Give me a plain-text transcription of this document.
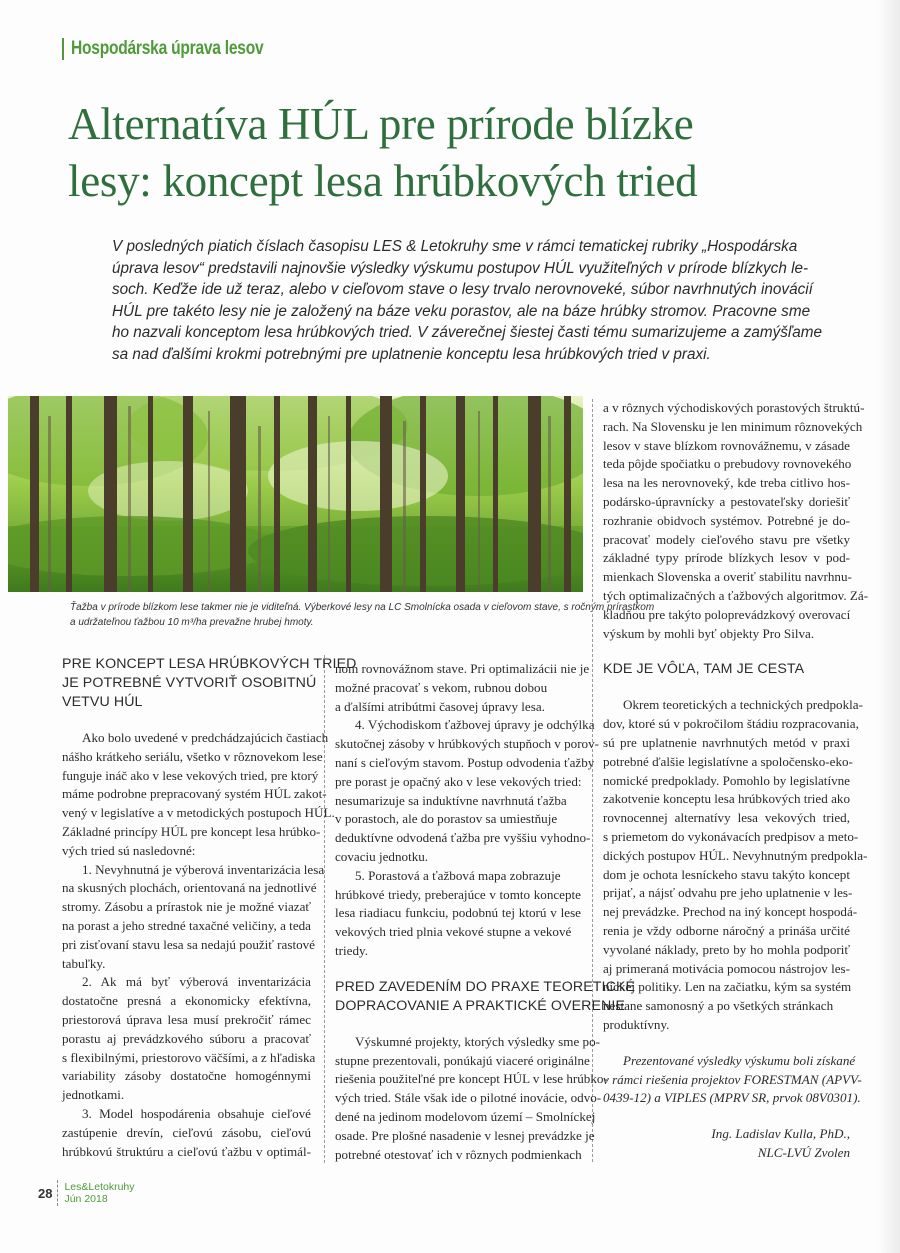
Hospodárska úprava lesov
Alternatíva HÚL pre prírode blízke
lesy: koncept lesa hrúbkových tried

V posledných piatich číslach časopisu LES & Letokruhy sme v rámci tematickej rubriky „Hospodárska
úprava lesov“ predstavili najnovšie výsledky výskumu postupov HÚL využiteľných v prírode blízkych le-
soch. Keďže ide už teraz, alebo v cieľovom stave o lesy trvalo nerovnoveké, súbor navrhnutých inovácií
HÚL pre takéto lesy nie je založený na báze veku porastov, ale na báze hrúbky stromov. Pracovne sme
ho nazvali konceptom lesa hrúbkových tried. V záverečnej šiestej časti tému sumarizujeme a zamýšľame
sa nad ďalšími krokmi potrebnými pre uplatnenie konceptu lesa hrúbkových tried v praxi.

Ťažba v prírode blízkom lese takmer nie je viditeľná. Výberkové lesy na LC Smolnícka osada v cieľovom stave, s ročným prírastkom
a udržateľnou ťažbou 10 m³/ha prevažne hrubej hmoty.

PRE KONCEPT LESA HRÚBKOVÝCH TRIED
JE POTREBNÉ VYTVORIŤ OSOBITNÚ
VETVU HÚL
Ako bolo uvedené v predchádzajúcich častiach
nášho krátkeho seriálu, všetko v rôznovekom lese
funguje ináč ako v lese vekových tried, pre ktorý
máme podrobne prepracovaný systém HÚL zakot-
vený v legislatíve a v metodických postupoch HÚL.
Základné princípy HÚL pre koncept lesa hrúbko-
vých tried sú nasledovné:
1. Nevyhnutná je výberová inventarizácia lesa
na skusných plochách, orientovaná na jednotlivé
stromy. Zásobu a prírastok nie je možné viazať
na porast a jeho stredné taxačné veličiny, a teda
pri zisťovaní stavu lesa sa nedajú použiť rastové
tabuľky.
2. Ak má byť výberová inventarizácia
dostatočne presná a ekonomicky efektívna,
priestorová úprava lesa musí prekročiť rámec
porastu aj prevádzkového súboru a pracovať
s flexibilnými, priestorovo väčšími, a z hľadiska
variability zásoby dostatočne homogénnymi
jednotkami.
3. Model hospodárenia obsahuje cieľové
zastúpenie drevín, cieľovú zásobu, cieľovú
hrúbkovú štruktúru a cieľovú ťažbu v optimál-
nom rovnovážnom stave. Pri optimalizácii nie je
možné pracovať s vekom, rubnou dobou
a ďalšími atribútmi časovej úpravy lesa.
4. Východiskom ťažbovej úpravy je odchýlka
skutočnej zásoby v hrúbkových stupňoch v porov-
naní s cieľovým stavom. Postup odvodenia ťažby
pre porast je opačný ako v lese vekových tried:
nesumarizuje sa induktívne navrhnutá ťažba
v porastoch, ale do porastov sa umiestňuje
deduktívne odvodená ťažba pre vyššiu vyhodno-
covaciu jednotku.
5. Porastová a ťažbová mapa zobrazuje
hrúbkové triedy, preberajúce v tomto koncepte
lesa riadiacu funkciu, podobnú tej ktorú v lese
vekových tried plnia vekové stupne a vekové
triedy.
PRED ZAVEDENÍM DO PRAXE TEORETICKÉ
DOPRACOVANIE A PRAKTICKÉ OVERENIE
Výskumné projekty, ktorých výsledky sme po-
stupne prezentovali, ponúkajú viaceré originálne
riešenia použiteľné pre koncept HÚL v lese hrúbko-
vých tried. Stále však ide o pilotné inovácie, odvo-
dené na jedinom modelovom území – Smolníckej
osade. Pre plošné nasadenie v lesnej prevádzke je
potrebné otestovať ich v rôznych podmienkach
a v rôznych východiskových porastových štruktú-
rach. Na Slovensku je len minimum rôznovekých
lesov v stave blízkom rovnovážnemu, v zásade
teda pôjde spočiatku o prebudovy rovnovekého
lesa na les nerovnoveký, kde treba citlivo hos-
podársko-úpravnícky a pestovateľsky doriešiť
rozhranie obidvoch systémov. Potrebné je do-
pracovať modely cieľového stavu pre všetky
základné typy prírode blízkych lesov v pod-
mienkach Slovenska a overiť stabilitu navrhnu-
tých optimalizačných a ťažbových algoritmov. Zá-
kladňou pre takýto poloprevádzkový overovací
výskum by mohli byť objekty Pro Silva.
KDE JE VÔĽA, TAM JE CESTA
Okrem teoretických a technických predpokla-
dov, ktoré sú v pokročilom štádiu rozpracovania,
sú pre uplatnenie navrhnutých metód v praxi
potrebné ďalšie legislatívne a spoločensko-eko-
nomické predpoklady. Pomohlo by legislatívne
zakotvenie konceptu lesa hrúbkových tried ako
rovnocennej alternatívy lesa vekových tried,
s priemetom do vykonávacích predpisov a meto-
dických postupov HÚL. Nevyhnutným predpokla-
dom je ochota lesníckeho stavu takýto koncept
prijať, a nájsť odvahu pre jeho uplatnenie v les-
nej prevádzke. Prechod na iný koncept hospodá-
renia je vždy odborne náročný a prináša určité
vyvolané náklady, preto by ho mohla podporiť
aj primeraná motivácia pomocou nástrojov les-
níckej politiky. Len na začiatku, kým sa systém
nestane samonosný a po všetkých stránkach
produktívny.
Prezentované výsledky výskumu boli získané
v rámci riešenia projektov FORESTMAN (APVV-
0439-12) a VIPLES (MPRV SR, prvok 08V0301).
Ing. Ladislav Kulla, PhD.,
NLC-LVÚ Zvolen
28 Les&Letokruhy
Jún 2018
